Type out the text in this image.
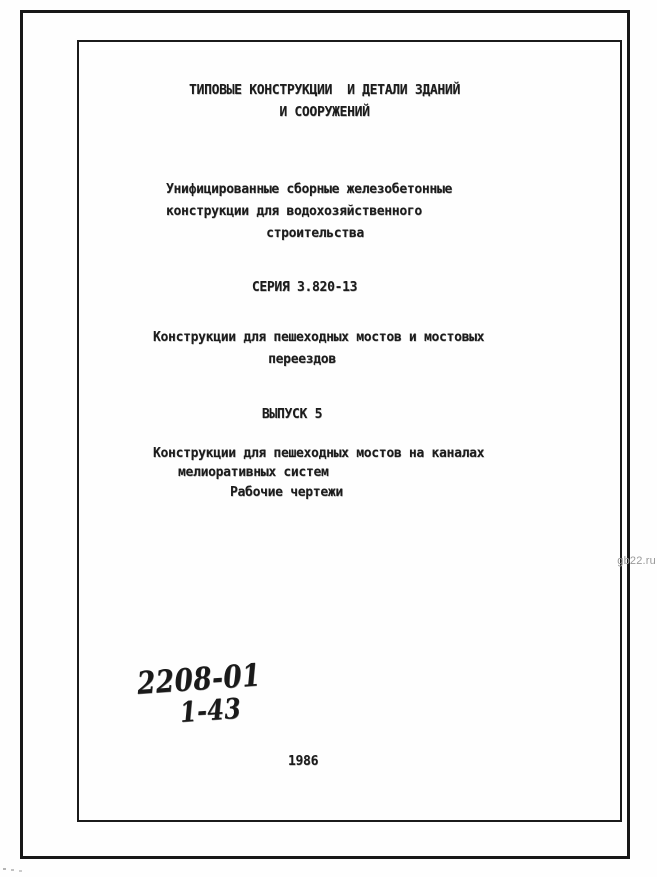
ТИПОВЫЕ КОНСТРУКЦИИ  И ДЕТАЛИ ЗДАНИЙ
И СООРУЖЕНИЙ
Унифицированные сборные железобетонные
конструкции для водохозяйственного
строительства
СЕРИЯ 3.820-13
Конструкции для пешеходных мостов и мостовых
переездов
ВЫПУСК 5
Конструкции для пешеходных мостов на каналах
мелиоративных систем
Рабочие чертежи
2208-01
1-43
1986
gb22.ru
